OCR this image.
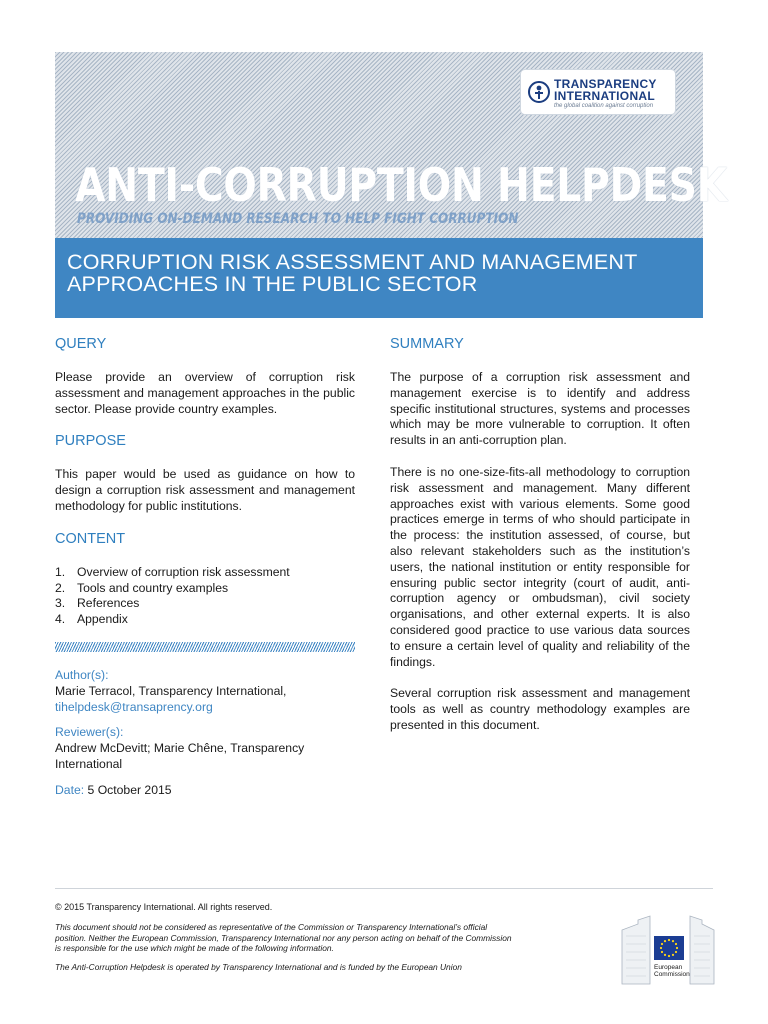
TRANSPARENCY
INTERNATIONAL
the global coalition against corruption
ANTI-CORRUPTION HELPDESK
PROVIDING ON-DEMAND RESEARCH TO HELP FIGHT CORRUPTION
CORRUPTION RISK ASSESSMENT AND MANAGEMENT APPROACHES IN THE PUBLIC SECTOR
QUERY
Please provide an overview of corruption risk assessment and management approaches in the public sector. Please provide country examples.
PURPOSE
This paper would be used as guidance on how to design a corruption risk assessment and management methodology for public institutions.
CONTENT
1. Overview of corruption risk assessment
2. Tools and country examples
3. References
4. Appendix
Author(s):
Marie Terracol, Transparency International,
tihelpdesk@transaprency.org
Reviewer(s):
Andrew McDevitt; Marie Chêne, Transparency International
Date: 5 October 2015
SUMMARY
The purpose of a corruption risk assessment and management exercise is to identify and address specific institutional structures, systems and processes which may be more vulnerable to corruption. It often results in an anti-corruption plan.
There is no one-size-fits-all methodology to corruption risk assessment and management. Many different approaches exist with various elements. Some good practices emerge in terms of who should participate in the process: the institution assessed, of course, but also relevant stakeholders such as the institution’s users, the national institution or entity responsible for ensuring public sector integrity (court of audit, anti-corruption agency or ombudsman), civil society organisations, and other external experts. It is also considered good practice to use various data sources to ensure a certain level of quality and reliability of the findings.
Several corruption risk assessment and management tools as well as country methodology examples are presented in this document.
© 2015 Transparency International. All rights reserved.
This document should not be considered as representative of the Commission or Transparency International’s official position. Neither the European Commission, Transparency International nor any person acting on behalf of the Commission is responsible for the use which might be made of the following information.
The Anti-Corruption Helpdesk is operated by Transparency International and is funded by the European Union	European
Commission
